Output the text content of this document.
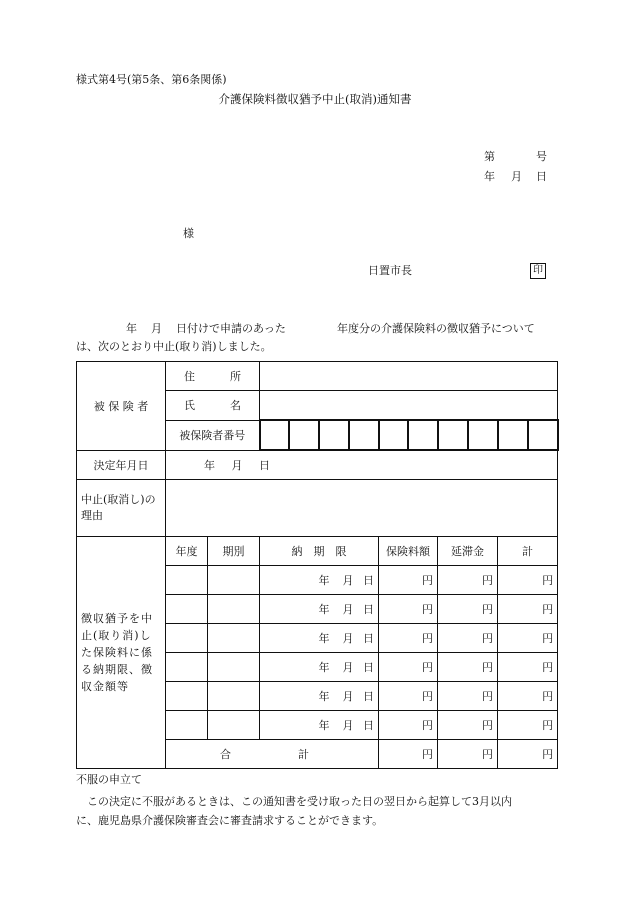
様式第4号(第5条、第6条関係)
介護保険料徴収猶予中止(取消)通知書
第	号
年 月 日
様
日置市長	印
年 月 日付けで申請のあった	年度分の介護保険料の徴収猶予について
は、次のとおり中止(取り消)しました。
被 保 険 者	住 所											

	氏 名											

	被保険者番号											
決定年月日	年 月 日											
中止(取消し)の理由												
徴収猶予を中止(取り消)した保険料に係る納期限、徴収金額等	年度	期別	納　期　限				保険料額		延滞金		計	
			年 月 日				円		円		円	
			年 月 日				円		円		円	
			年 月 日				円		円		円	
			年 月 日				円		円		円	
			年 月 日				円		円		円	
			年 月 日				円		円		円	

	合 計						円		円		円	
不服の申立て
この決定に不服があるときは、この通知書を受け取った日の翌日から起算して3月以内
に、鹿児島県介護保険審査会に審査請求することができます。
